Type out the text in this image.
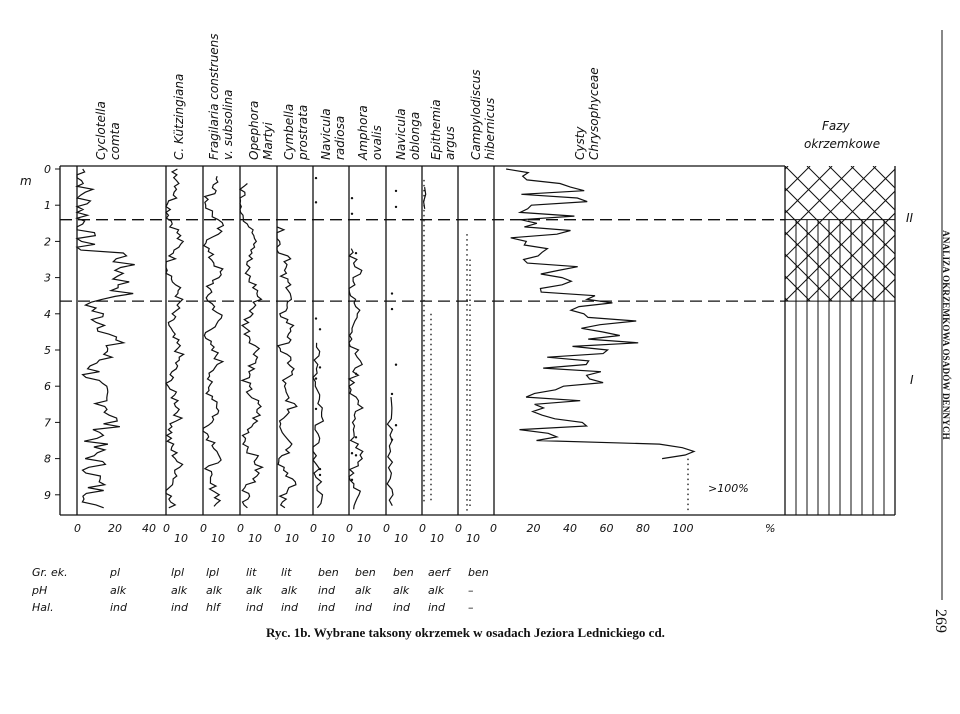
0
1
2
3
4
5
6
7
8
9
m
Fazy
okrzemkowe
II
I
Cyclotella comta	C. Kützingiana Fragilaria construens v. subsolina Opephora Martyi Cymbella prostrata Navicula radiosa Amphora ovalis Navicula oblonga Epithemia argus Campylodiscus hibernicus	Cysty Chrysophyceae
>100%
0 20 40 0
10
0
10
0
10
0
10
0
10
0
10
0
10
0
10
0
10
0	20 40 60 80 100	%
Gr. ek.	pl	lpl lpl lit lit ben ben ben aerf ben
pH	alk	alk alk alk alk ind alk alk alk –
Hal.	ind	ind hlf ind ind ind ind ind ind –
Ryc. 1b. Wybrane taksony okrzemek w osadach Jeziora Lednickiego cd.
ANALIZA OKRZEMKOWA OSADÓW DENNYCH
269
